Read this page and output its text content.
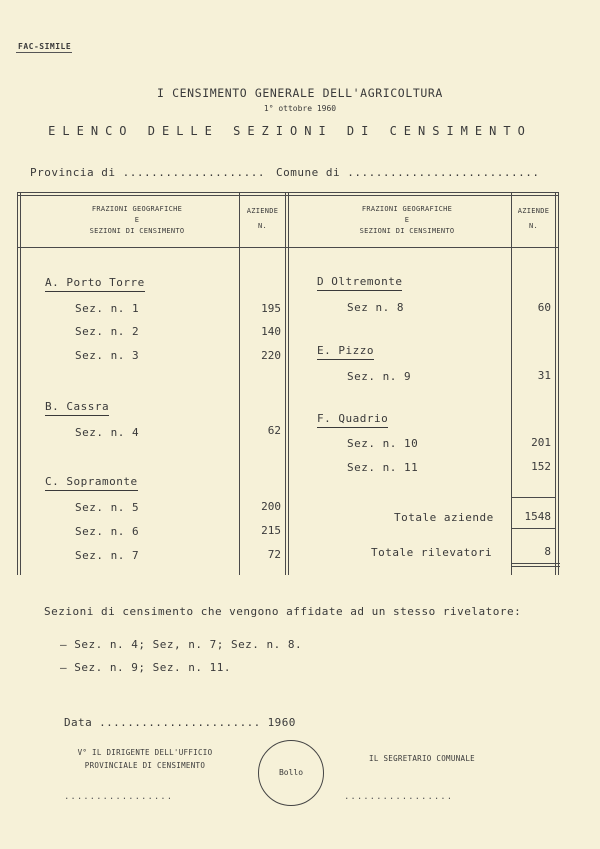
FAC-SIMILE
I CENSIMENTO GENERALE DELL'AGRICOLTURA
1° ottobre 1960
ELENCO DELLE SEZIONI DI CENSIMENTO
Provincia di .................... Comune di ...........................
FRAZIONI GEOGRAFICHE
E
SEZIONI DI CENSIMENTO
AZIENDE
N.
FRAZIONI GEOGRAFICHE
E
SEZIONI DI CENSIMENTO
AZIENDE
N.
A. Porto Torre
Sez. n. 1	195
Sez. n. 2	140
Sez. n. 3	220
B. Cassra
Sez. n. 4	62
C. Sopramonte
Sez. n. 5	200
Sez. n. 6	215
Sez. n. 7	72
D Oltremonte
Sez n. 8	60
E. Pizzo
Sez. n. 9	31
F. Quadrio
Sez. n. 10	201
Sez. n. 11	152
Totale aziende	1548
Totale rilevatori	8
Sezioni di censimento che vengono affidate ad un stesso rivelatore:
— Sez. n. 4; Sez, n. 7; Sez. n. 8.
— Sez. n. 9; Sez. n. 11.
Data ....................... 1960
V° IL DIRIGENTE DELL'UFFICIO
PROVINCIALE DI CENSIMENTO
Bollo
IL SEGRETARIO COMUNALE
.................	.................
